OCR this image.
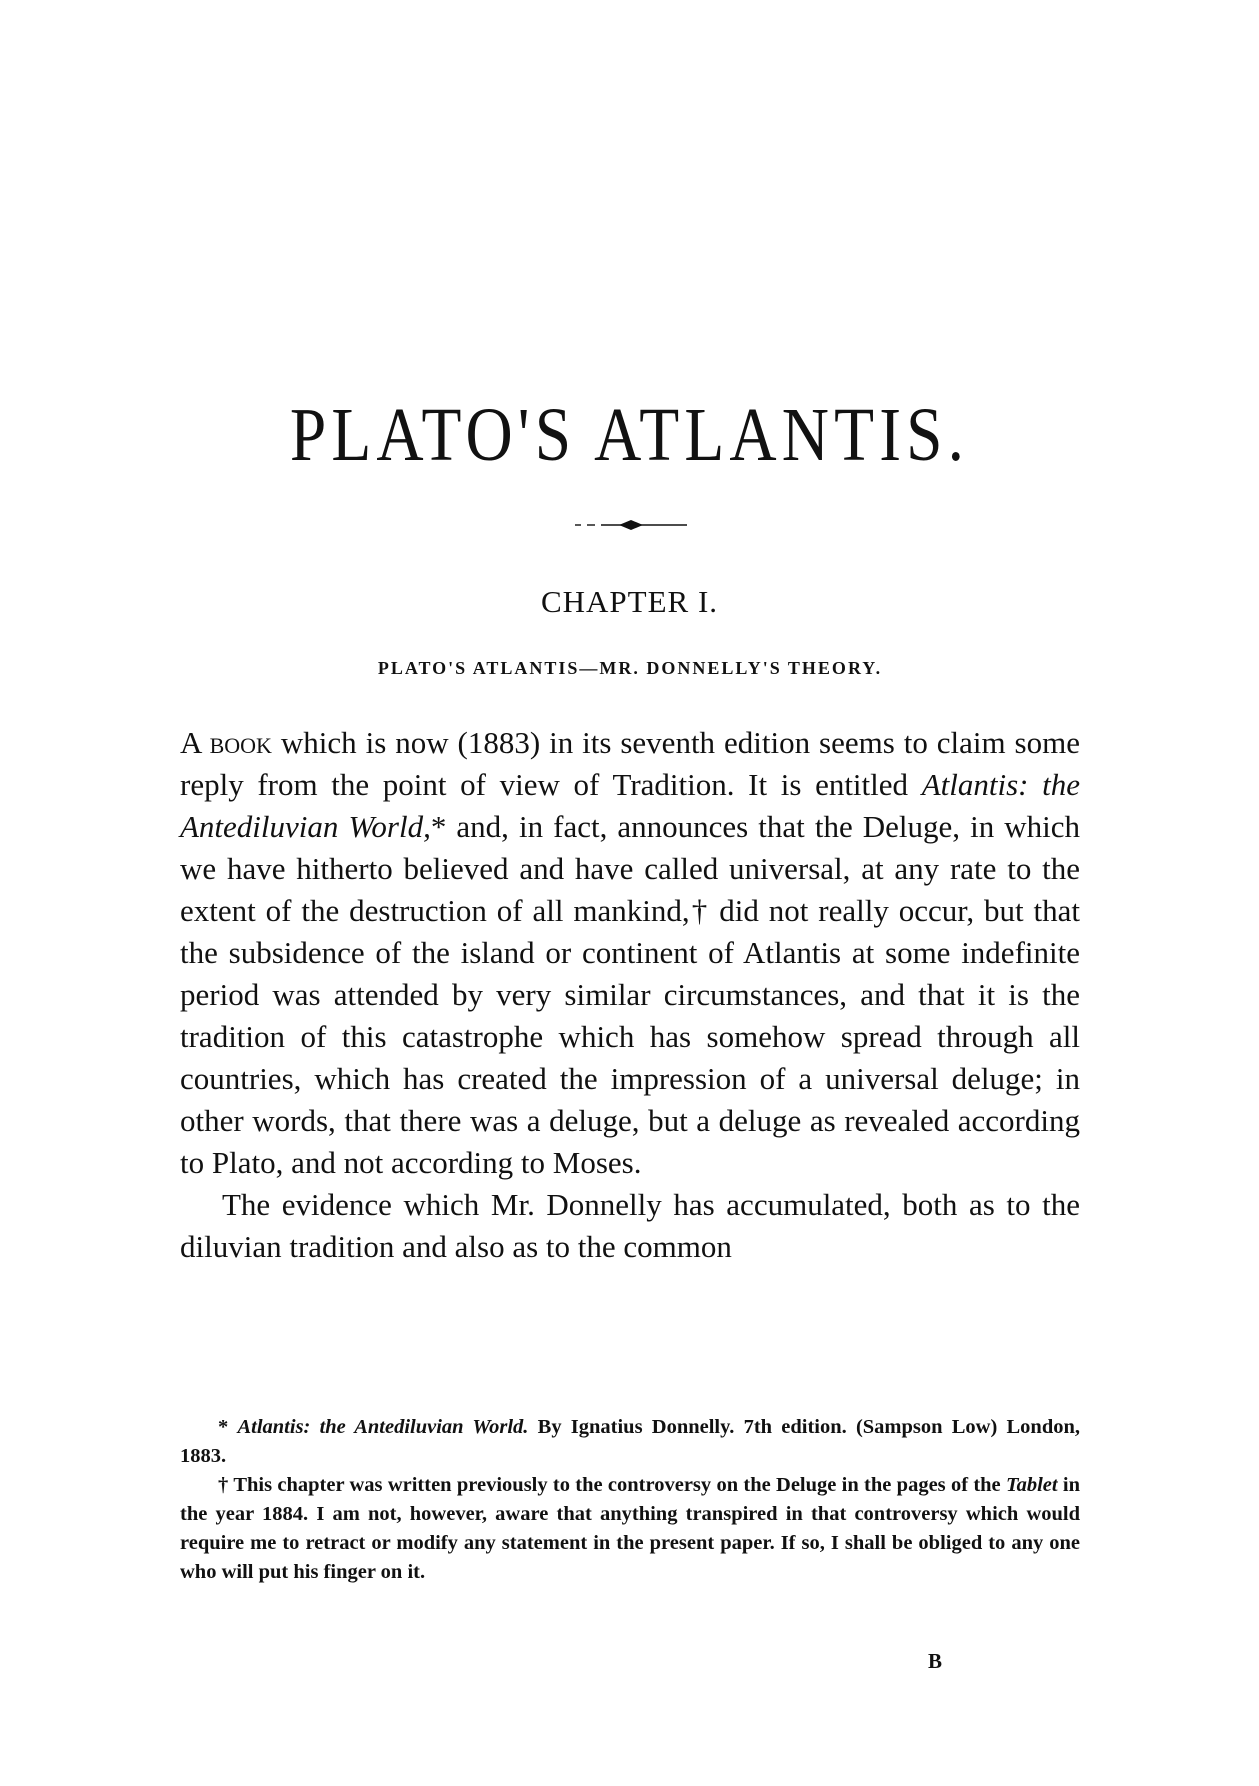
PLATO'S ATLANTIS.
CHAPTER I.
PLATO'S ATLANTIS—MR. DONNELLY'S THEORY.

A book which is now (1883) in its seventh edition seems to claim some reply from the point of view of Tradition. It is entitled Atlantis: the Antediluvian World,* and, in fact, announces that the Deluge, in which we have hitherto believed and have called universal, at any rate to the extent of the destruction of all mankind,† did not really occur, but that the subsidence of the island or continent of Atlantis at some indefinite period was attended by very similar circumstances, and that it is the tradition of this catastrophe which has somehow spread through all countries, which has created the impression of a universal deluge; in other words, that there was a deluge, but a deluge as revealed according to Plato, and not according to Moses.

The evidence which Mr. Donnelly has accumulated, both as to the diluvian tradition and also as to the common

* Atlantis: the Antediluvian World. By Ignatius Donnelly. 7th edition. (Sampson Low) London, 1883.

† This chapter was written previously to the controversy on the Deluge in the pages of the Tablet in the year 1884. I am not, however, aware that anything transpired in that controversy which would require me to retract or modify any statement in the present paper. If so, I shall be obliged to any one who will put his finger on it.

B
